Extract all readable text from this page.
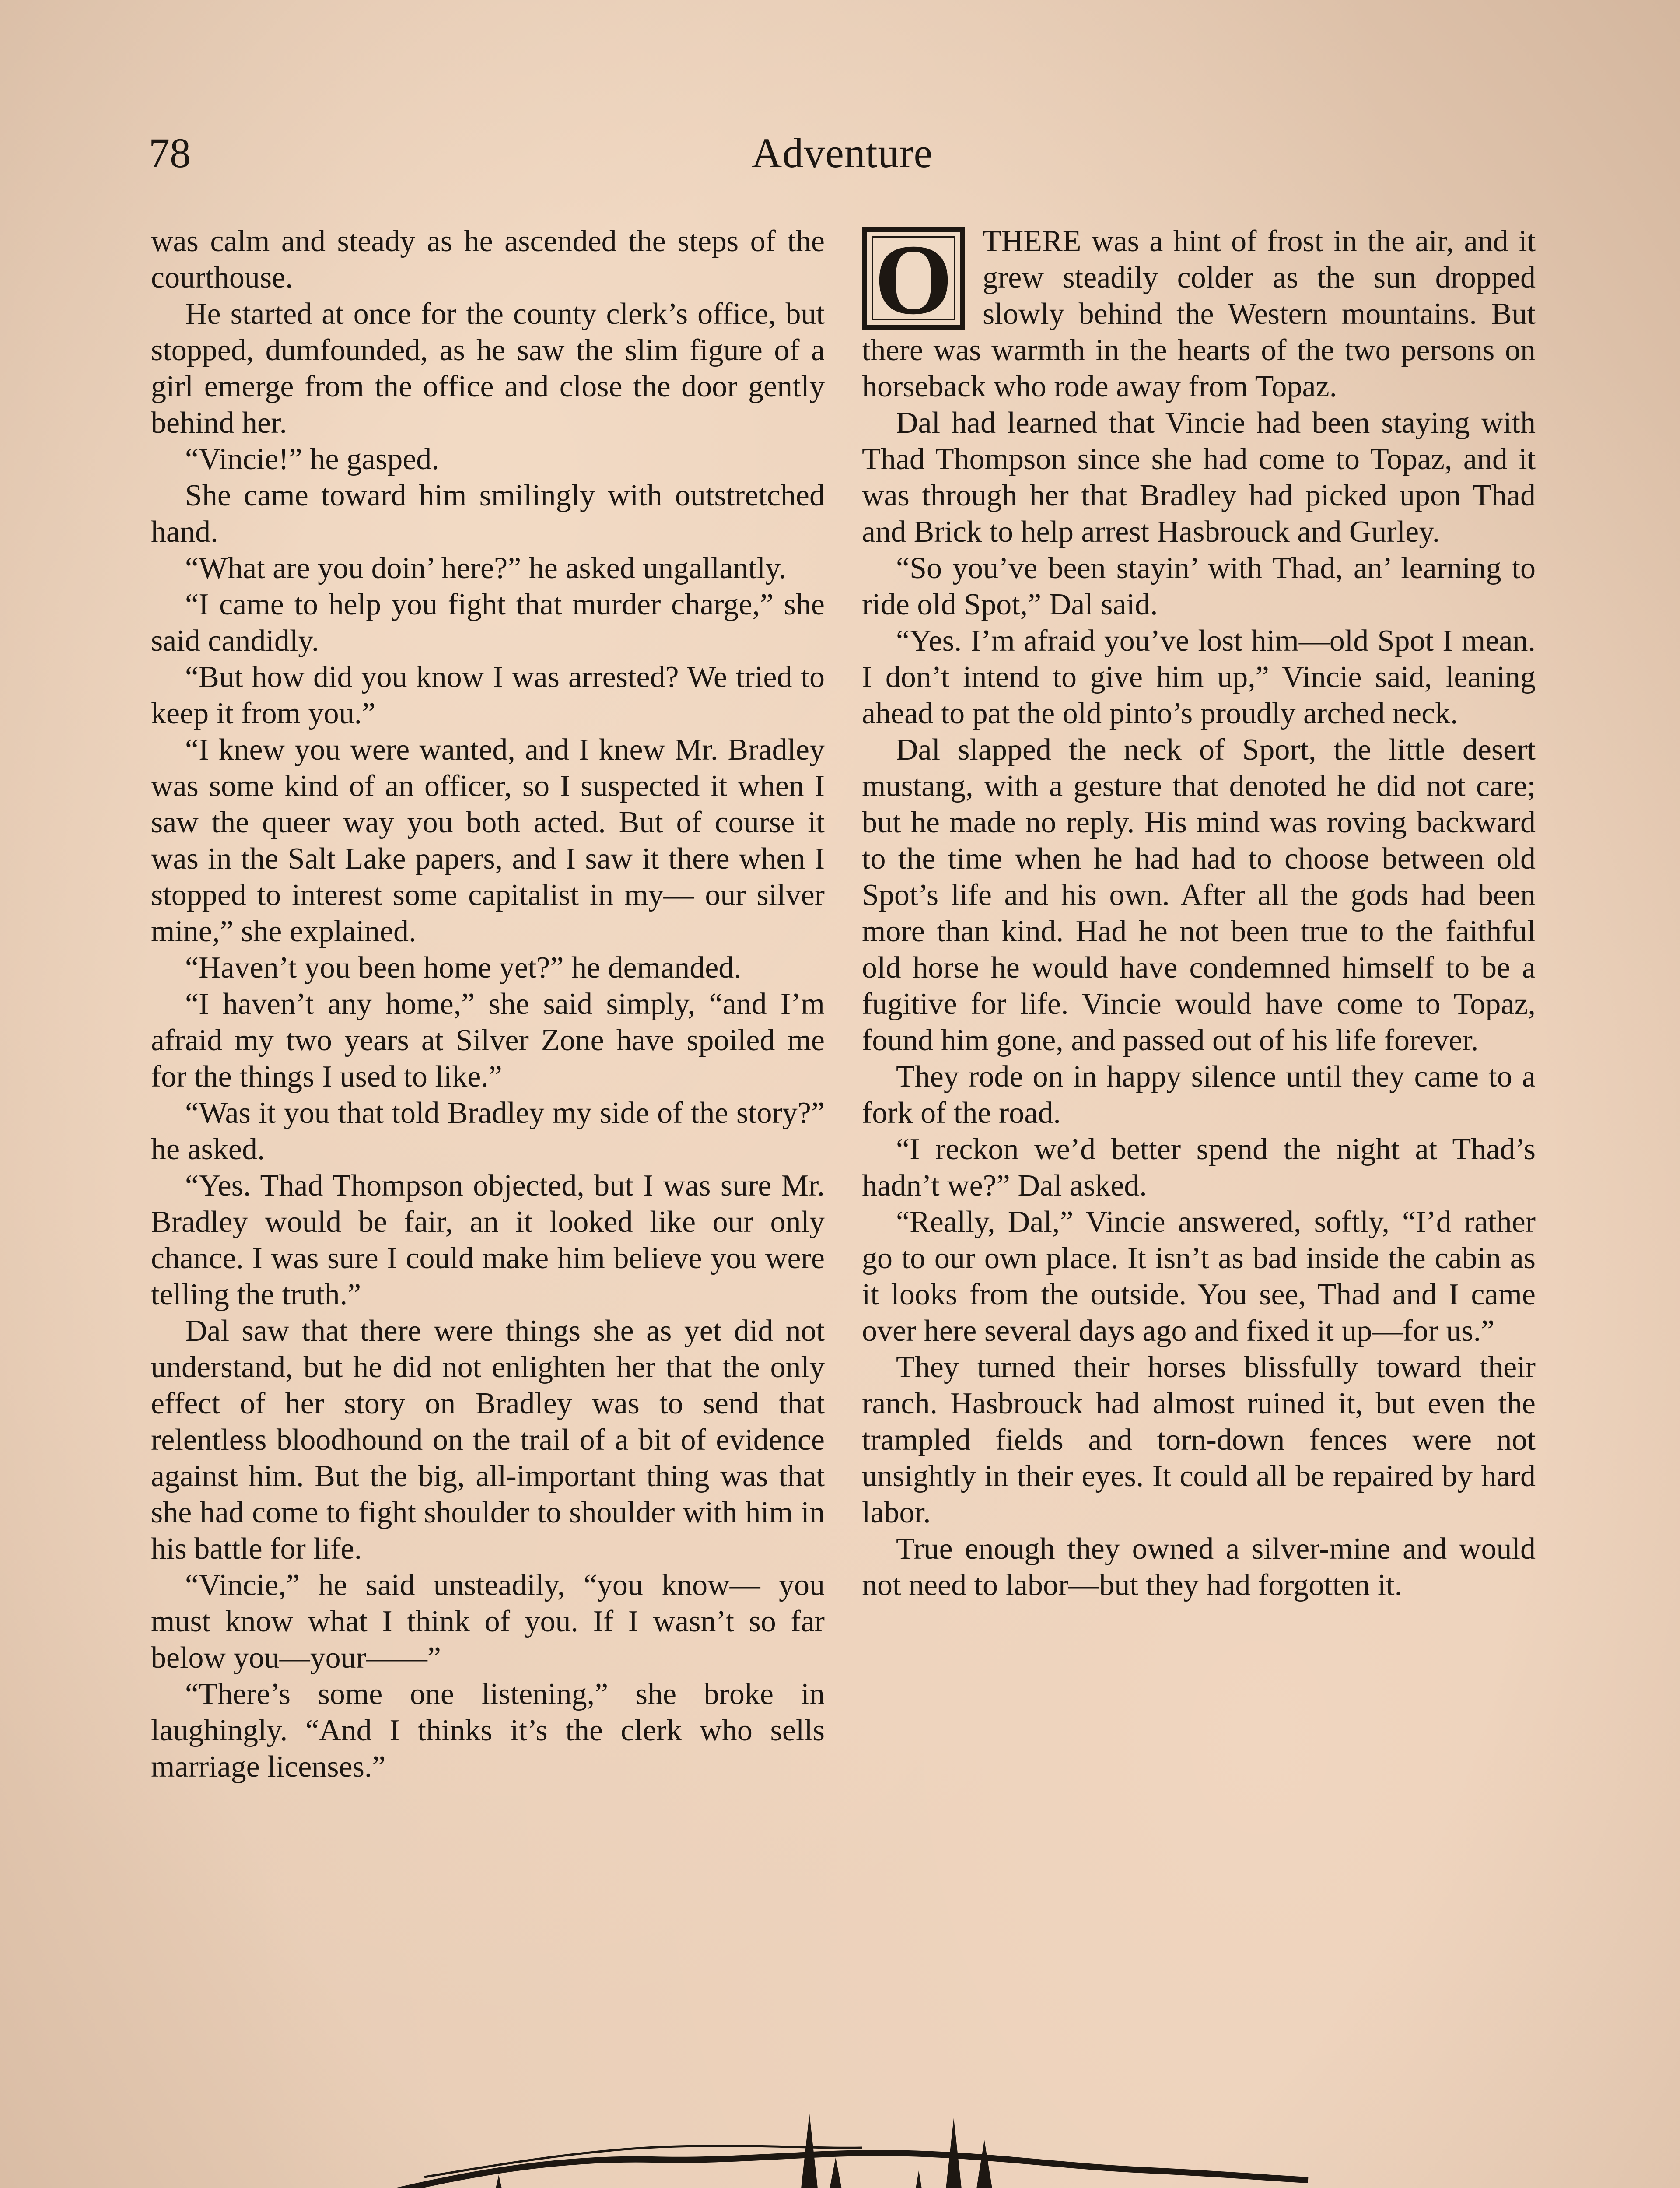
78	Adventure

was calm and steady as he ascended the steps of the courthouse.

He started at once for the county clerk’s office, but stopped, dumfounded, as he saw the slim figure of a girl emerge from the office and close the door gently behind her.

“Vincie!” he gasped.

She came toward him smilingly with outstretched hand.

“What are you doin’ here?” he asked ungallantly.

“I came to help you fight that murder charge,” she said candidly.

“But how did you know I was arrested? We tried to keep it from you.”

“I knew you were wanted, and I knew Mr. Bradley was some kind of an officer, so I suspected it when I saw the queer way you both acted. But of course it was in the Salt Lake papers, and I saw it there when I stopped to interest some capitalist in my— our silver mine,” she explained.

“Haven’t you been home yet?” he demanded.

“I haven’t any home,” she said simply, “and I’m afraid my two years at Silver Zone have spoiled me for the things I used to like.”

“Was it you that told Bradley my side of the story?” he asked.

“Yes. Thad Thompson objected, but I was sure Mr. Bradley would be fair, an it looked like our only chance. I was sure I could make him believe you were telling the truth.”

Dal saw that there were things she as yet did not understand, but he did not enlighten her that the only effect of her story on Bradley was to send that relentless bloodhound on the trail of a bit of evidence against him. But the big, all-important thing was that she had come to fight shoulder to shoulder with him in his battle for life.

“Vincie,” he said unsteadily, “you know— you must know what I think of you. If I wasn’t so far below you—your——”

“There’s some one listening,” she broke in laughingly. “And I thinks it’s the clerk who sells marriage licenses.”

O THERE was a hint of frost in the air, and it grew steadily colder as the sun dropped slowly behind the Western mountains. But there was warmth in the hearts of the two persons on horseback who rode away from Topaz.

Dal had learned that Vincie had been staying with Thad Thompson since she had come to Topaz, and it was through her that Bradley had picked upon Thad and Brick to help arrest Hasbrouck and Gurley.

“So you’ve been stayin’ with Thad, an’ learning to ride old Spot,” Dal said.

“Yes. I’m afraid you’ve lost him—old Spot I mean. I don’t intend to give him up,” Vincie said, leaning ahead to pat the old pinto’s proudly arched neck.

Dal slapped the neck of Sport, the little desert mustang, with a gesture that denoted he did not care; but he made no reply. His mind was roving backward to the time when he had had to choose between old Spot’s life and his own. After all the gods had been more than kind. Had he not been true to the faithful old horse he would have condemned himself to be a fugitive for life. Vincie would have come to Topaz, found him gone, and passed out of his life forever.

They rode on in happy silence until they came to a fork of the road.

“I reckon we’d better spend the night at Thad’s hadn’t we?” Dal asked.

“Really, Dal,” Vincie answered, softly, “I’d rather go to our own place. It isn’t as bad inside the cabin as it looks from the outside. You see, Thad and I came over here several days ago and fixed it up—for us.”

They turned their horses blissfully toward their ranch. Hasbrouck had almost ruined it, but even the trampled fields and torn-down fences were not unsightly in their eyes. It could all be repaired by hard labor.

True enough they owned a silver-mine and would not need to labor—but they had forgotten it.
